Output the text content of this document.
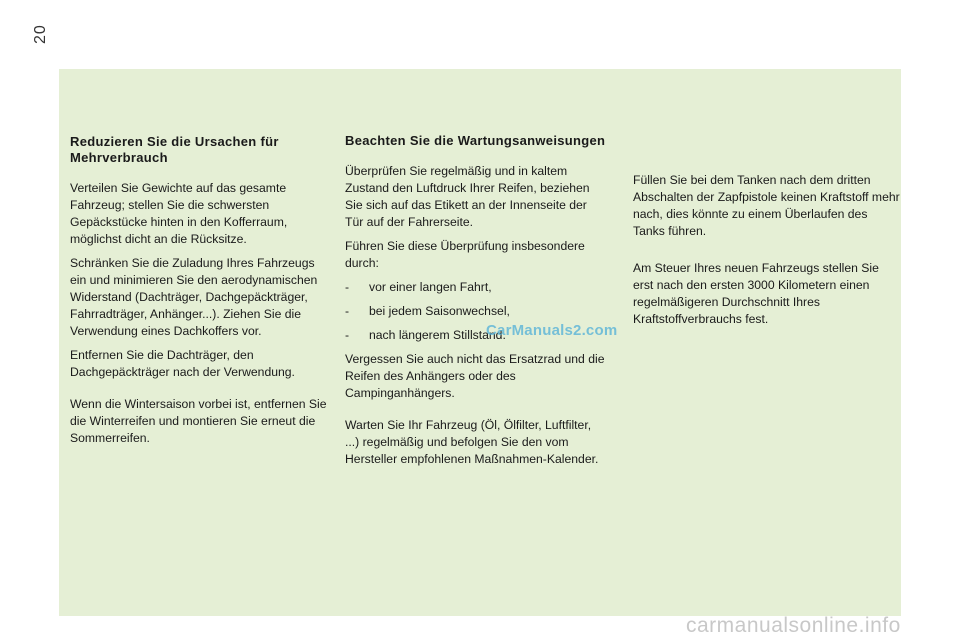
20
Reduzieren Sie die Ursachen für Mehrverbrauch

Verteilen Sie Gewichte auf das gesamte Fahrzeug; stellen Sie die schwersten Gepäckstücke hinten in den Kofferraum, möglichst dicht an die Rücksitze.

Schränken Sie die Zuladung Ihres Fahrzeugs ein und minimieren Sie den aerodynamischen Widerstand (Dachträger, Dachgepäckträger, Fahrradträger, Anhänger...). Ziehen Sie die Verwendung eines Dachkoffers vor.

Entfernen Sie die Dachträger, den Dachgepäckträger nach der Verwendung.

Wenn die Wintersaison vorbei ist, entfernen Sie die Winterreifen und montieren Sie erneut die Sommerreifen.

Beachten Sie die Wartungsanweisungen

Überprüfen Sie regelmäßig und in kaltem Zustand den Luftdruck Ihrer Reifen, beziehen Sie sich auf das Etikett an der Innenseite der Tür auf der Fahrerseite.

Führen Sie diese Überprüfung insbesondere durch:

-	vor einer langen Fahrt,
-	bei jedem Saisonwechsel,
-	nach längerem Stillstand.

Vergessen Sie auch nicht das Ersatzrad und die Reifen des Anhängers oder des Campinganhängers.

Warten Sie Ihr Fahrzeug (Öl, Ölfilter, Luftfilter, ...) regelmäßig und befolgen Sie den vom Hersteller empfohlenen Maßnahmen-Kalender.

Füllen Sie bei dem Tanken nach dem dritten Abschalten der Zapfpistole keinen Kraftstoff mehr nach, dies könnte zu einem Überlaufen des Tanks führen.

Am Steuer Ihres neuen Fahrzeugs stellen Sie erst nach den ersten 3000 Kilometern einen regelmäßigeren Durchschnitt Ihres Kraftstoffverbrauchs fest.

CarManuals2.com
carmanualsonline.info
